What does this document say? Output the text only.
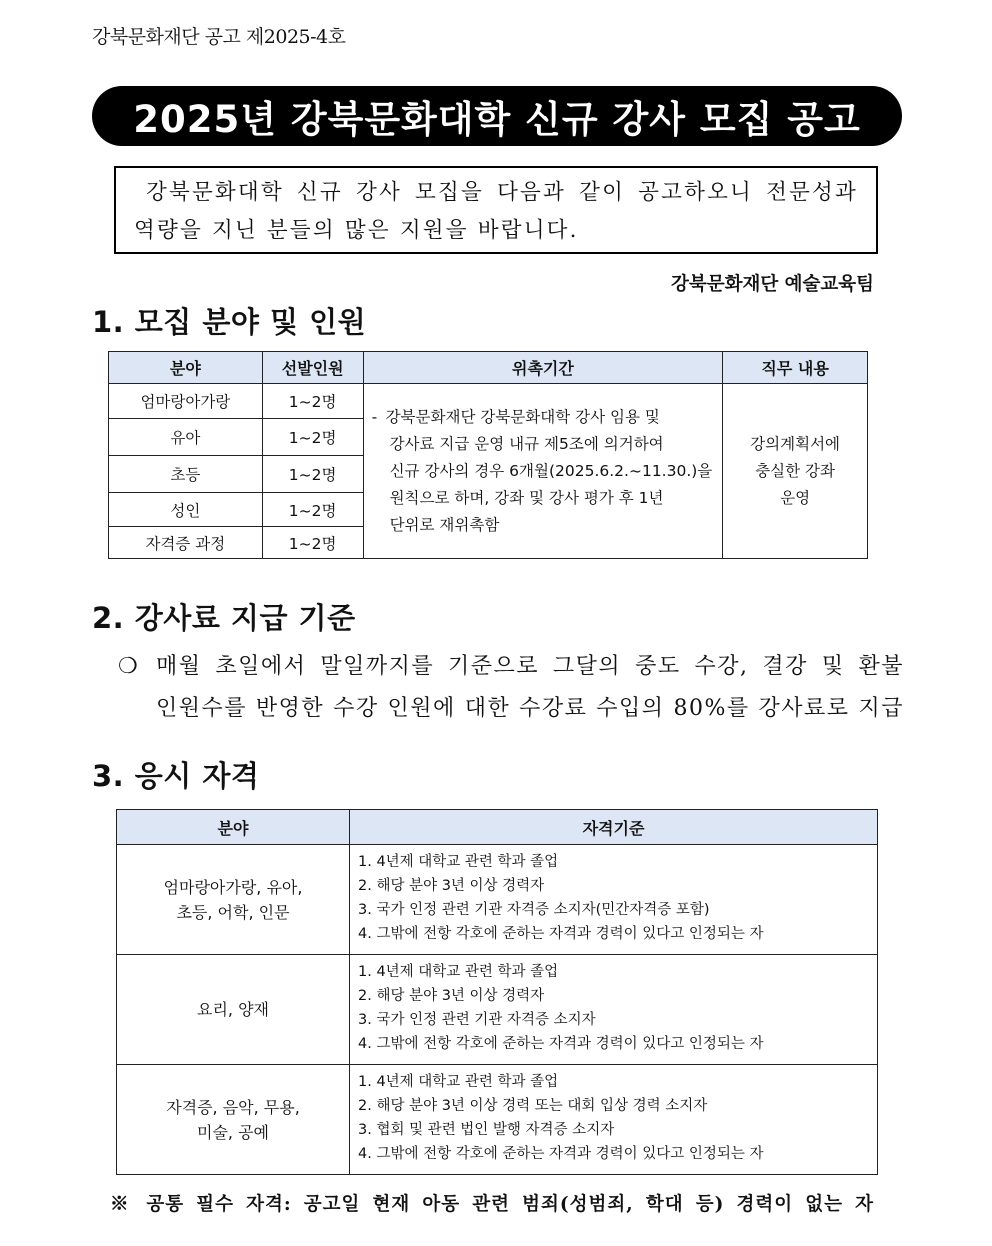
강북문화재단 공고 제2025-4호
2025년 강북문화대학 신규 강사 모집 공고
강북문화대학 신규 강사 모집을 다음과 같이 공고하오니 전문성과
역량을 지닌 분들의 많은 지원을 바랍니다.
강북문화재단 예술교육팀
1. 모집 분야 및 인원
분야	선발인원	위촉기간	직무 내용
엄마랑아가랑	1~2명	- 강북문화재단 강북문화대학 강사 임용 및
강사료 지급 운영 내규 제5조에 의거하여
신규 강사의 경우 6개월(2025.6.2.~11.30.)을
원칙으로 하며, 강좌 및 강사 평가 후 1년
단위로 재위촉함	강의계획서에
충실한 강좌
운영

유아	1~2명		
초등	1~2명		
성인	1~2명		
자격증 과정	1~2명		
2. 강사료 지급 기준
❍ 매월 초일에서 말일까지를 기준으로 그달의 중도 수강, 결강 및 환불
인원수를 반영한 수강 인원에 대한 수강료 수입의 80%를 강사료로 지급
3. 응시 자격
분야	자격기준

엄마랑아가랑, 유아,
초등, 어학, 인문	1. 4년제 대학교 관련 학과 졸업
2. 해당 분야 3년 이상 경력자
3. 국가 인정 관련 기관 자격증 소지자(민간자격증 포함)
4. 그밖에 전항 각호에 준하는 자격과 경력이 있다고 인정되는 자

요리, 양재	1. 4년제 대학교 관련 학과 졸업
2. 해당 분야 3년 이상 경력자
3. 국가 인정 관련 기관 자격증 소지자
4. 그밖에 전항 각호에 준하는 자격과 경력이 있다고 인정되는 자

자격증, 음악, 무용,
미술, 공예	1. 4년제 대학교 관련 학과 졸업
2. 해당 분야 3년 이상 경력 또는 대회 입상 경력 소지자
3. 협회 및 관련 법인 발행 자격증 소지자
4. 그밖에 전항 각호에 준하는 자격과 경력이 있다고 인정되는 자
※ 공통 필수 자격: 공고일 현재 아동 관련 범죄(성범죄, 학대 등) 경력이 없는 자
